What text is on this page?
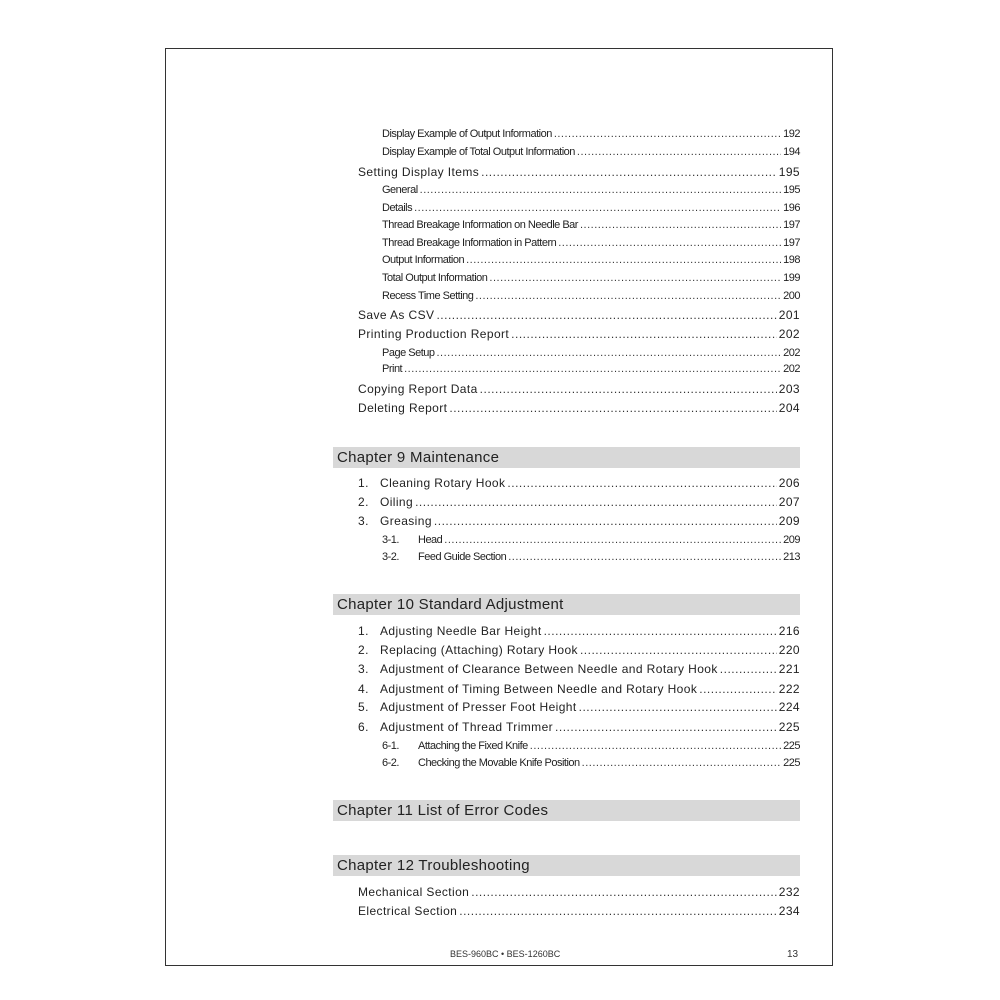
Display Example of Output Information .....	192
Display Example of Total Output Information .....	194
Setting Display Items .....	195
General .....	195
Details .....	196
Thread Breakage Information on Needle Bar .....	197
Thread Breakage Information in Pattern .....	197
Output Information .....	198
Total Output Information .....	199
Recess Time Setting .....	200
Save As CSV .....	201
Printing Production Report .....	202
Page Setup .....	202
Print .....	202
Copying Report Data .....	203
Deleting Report .....	204
Chapter 9 Maintenance
1. Cleaning Rotary Hook .....	206
2. Oiling .....	207
3. Greasing .....	209
3-1. Head .....	209
3-2. Feed Guide Section .....	213
Chapter 10 Standard Adjustment
1. Adjusting Needle Bar Height .....	216
2. Replacing (Attaching) Rotary Hook .....	220
3. Adjustment of Clearance Between Needle and Rotary Hook .....	221
4. Adjustment of Timing Between Needle and Rotary Hook .....	222
5. Adjustment of Presser Foot Height .....	224
6. Adjustment of Thread Trimmer .....	225
6-1. Attaching the Fixed Knife .....	225
6-2. Checking the Movable Knife Position .....	225
Chapter 11 List of Error Codes
Chapter 12 Troubleshooting
Mechanical Section .....	232
Electrical Section .....	234
BES-960BC • BES-1260BC	13
